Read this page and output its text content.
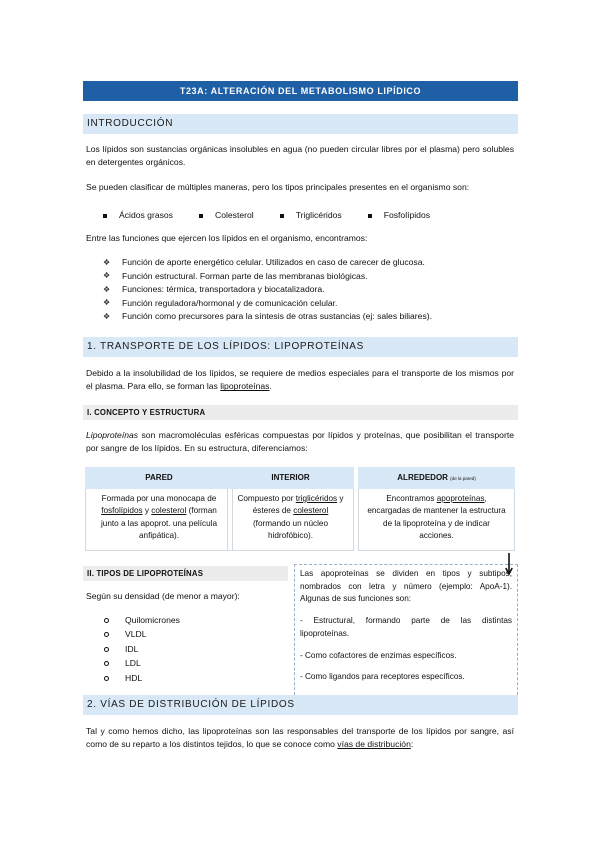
T23A: ALTERACIÓN DEL METABOLISMO LIPÍDICO
INTRODUCCIÓN

Los lípidos son sustancias orgánicas insolubles en agua (no pueden circular libres por el plasma) pero solubles en detergentes orgánicos.

Se pueden clasificar de múltiples maneras, pero los tipos principales presentes en el organismo son:

Ácidos grasos	Colesterol	Triglicéridos	Fosfolípidos

Entre las funciones que ejercen los lípidos en el organismo, encontramos:

❖	Función de aporte energético celular. Utilizados en caso de carecer de glucosa.
❖	Función estructural. Forman parte de las membranas biológicas.
❖	Funciones: térmica, transportadora y biocatalizadora.
❖	Función reguladora/hormonal y de comunicación celular.
❖	Función como precursores para la síntesis de otras sustancias (ej: sales biliares).
1. TRANSPORTE DE LOS LÍPIDOS: LIPOPROTEÍNAS

Debido a la insolubilidad de los lípidos, se requiere de medios especiales para el transporte de los mismos por el plasma. Para ello, se forman las lipoproteínas.

I. CONCEPTO Y ESTRUCTURA

Lipoproteínas son macromoléculas esféricas compuestas por lípidos y proteínas, que posibilitan el transporte por sangre de los lípidos. En su estructura, diferenciamos:

PARED
Formada por una monocapa de fosfolípidos y colesterol (forman junto a las apoprot. una película anfipática).
INTERIOR
Compuesto por triglicéridos y ésteres de colesterol (formando un núcleo hidrofóbico).
ALREDEDOR (de la pared)
Encontramos apoproteínas, encargadas de mantener la estructura de la lipoproteína y de indicar acciones.
II. TIPOS DE LIPOPROTEÍNAS

Según su densidad (de menor a mayor):

Quilomicrones
VLDL
IDL
LDL
HDL

Las apoproteínas se dividen en tipos y subtipos, nombrados con letra y número (ejemplo: ApoA-1). Algunas de sus funciones son:

- Estructural, formando parte de las distintas lipoproteínas.

- Como cofactores de enzimas específicos.

- Como ligandos para receptores específicos.

2. VÍAS DE DISTRIBUCIÓN DE LÍPIDOS

Tal y como hemos dicho, las lipoproteínas son las responsables del transporte de los lípidos por sangre, así como de su reparto a los distintos tejidos, lo que se conoce como vías de distribución:
